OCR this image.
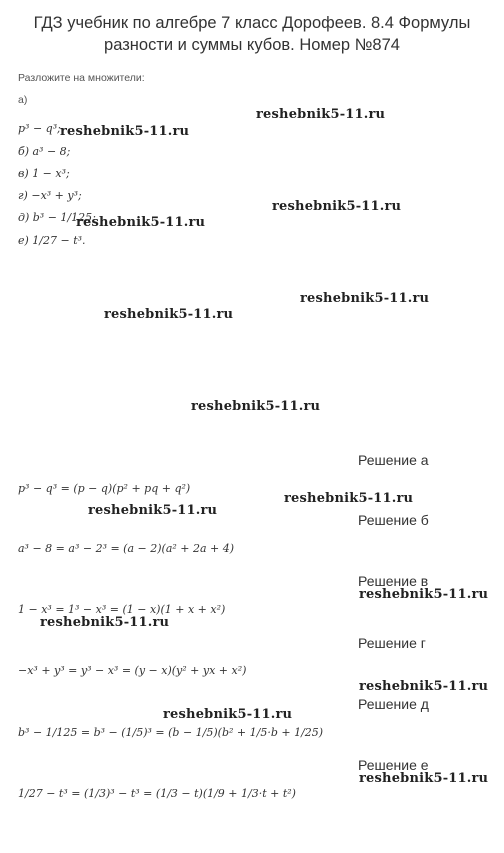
ГДЗ учебник по алгебре 7 класс Дорофеев. 8.4 Формулы разности и суммы кубов. Номер №874
Разложите на множители:
а)
p³ − q³;
б) a³ − 8;
в) 1 − x³;
г) −x³ + y³;
д) b³ − 1/125;
е) 1/27 − t³.
Решение а
p³ − q³ = (p − q)(p² + pq + q²)
Решение б
a³ − 8 = a³ − 2³ = (a − 2)(a² + 2a + 4)
Решение в
1 − x³ = 1³ − x³ = (1 − x)(1 + x + x²)
Решение г
−x³ + y³ = y³ − x³ = (y − x)(y² + yx + x²)
Решение д
b³ − 1/125 = b³ − (1/5)³ = (b − 1/5)(b² + 1/5·b + 1/25)
Решение е
1/27 − t³ = (1/3)³ − t³ = (1/3 − t)(1/9 + 1/3·t + t²)
reshebnik5-11.ru
reshebnik5-11.ru
reshebnik5-11.ru
reshebnik5-11.ru
reshebnik5-11.ru
reshebnik5-11.ru
reshebnik5-11.ru
reshebnik5-11.ru
reshebnik5-11.ru
reshebnik5-11.ru
reshebnik5-11.ru
reshebnik5-11.ru
reshebnik5-11.ru
reshebnik5-11.ru
